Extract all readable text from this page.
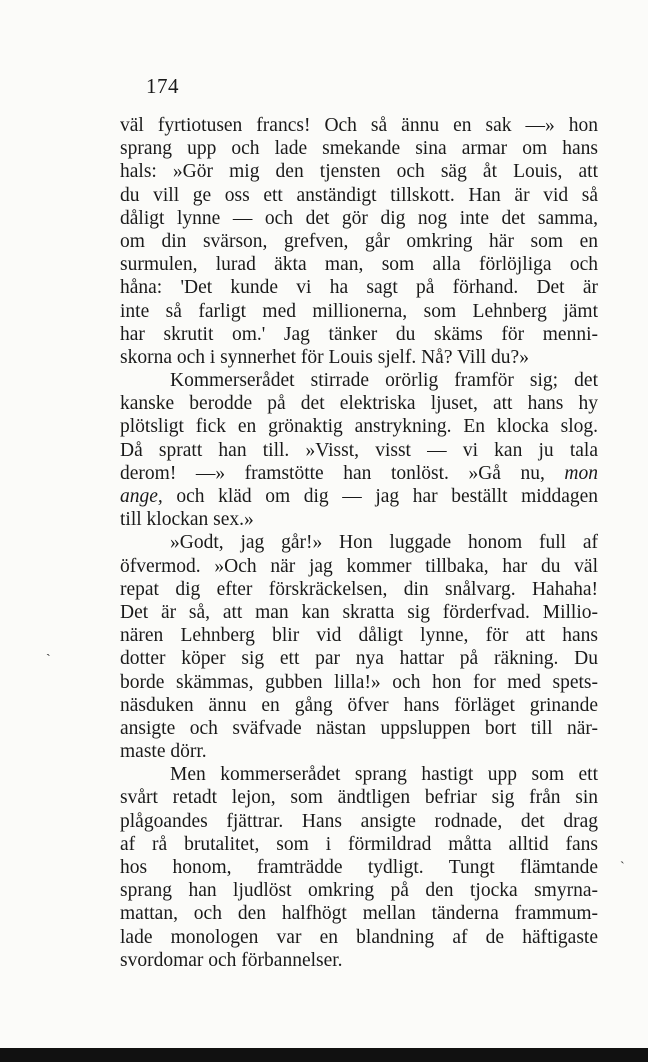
174
väl fyrtiotusen francs! Och så ännu en sak —» hon
sprang upp och lade smekande sina armar om hans
hals: »Gör mig den tjensten och säg åt Louis, att
du vill ge oss ett anständigt tillskott. Han är vid så
dåligt lynne — och det gör dig nog inte det samma,
om din svärson, grefven, går omkring här som en
surmulen, lurad äkta man, som alla förlöjliga och
håna: 'Det kunde vi ha sagt på förhand. Det är
inte så farligt med millionerna, som Lehnberg jämt
har skrutit om.' Jag tänker du skäms för menni-
skorna och i synnerhet för Louis sjelf. Nå? Vill du?»
Kommerserådet stirrade orörlig framför sig; det
kanske berodde på det elektriska ljuset, att hans hy
plötsligt fick en grönaktig anstrykning. En klocka slog.
Då spratt han till. »Visst, visst — vi kan ju tala
derom! —» framstötte han tonlöst. »Gå nu, mon
ange, och kläd om dig — jag har beställt middagen
till klockan sex.»
»Godt, jag går!» Hon luggade honom full af
öfvermod. »Och när jag kommer tillbaka, har du väl
repat dig efter förskräckelsen, din snålvarg. Hahaha!
Det är så, att man kan skratta sig förderfvad. Millio-
nären Lehnberg blir vid dåligt lynne, för att hans
dotter köper sig ett par nya hattar på räkning. Du
borde skämmas, gubben lilla!» och hon for med spets-
näsduken ännu en gång öfver hans förläget grinande
ansigte och sväfvade nästan uppsluppen bort till när-
maste dörr.
Men kommerserådet sprang hastigt upp som ett
svårt retadt lejon, som ändtligen befriar sig från sin
plågoandes fjättrar. Hans ansigte rodnade, det drag
af rå brutalitet, som i förmildrad måtta alltid fans
hos honom, framträdde tydligt. Tungt flämtande
sprang han ljudlöst omkring på den tjocka smyrna-
mattan, och den halfhögt mellan tänderna frammum-
lade monologen var en blandning af de häftigaste
svordomar och förbannelser.
ˏ
ˋ
